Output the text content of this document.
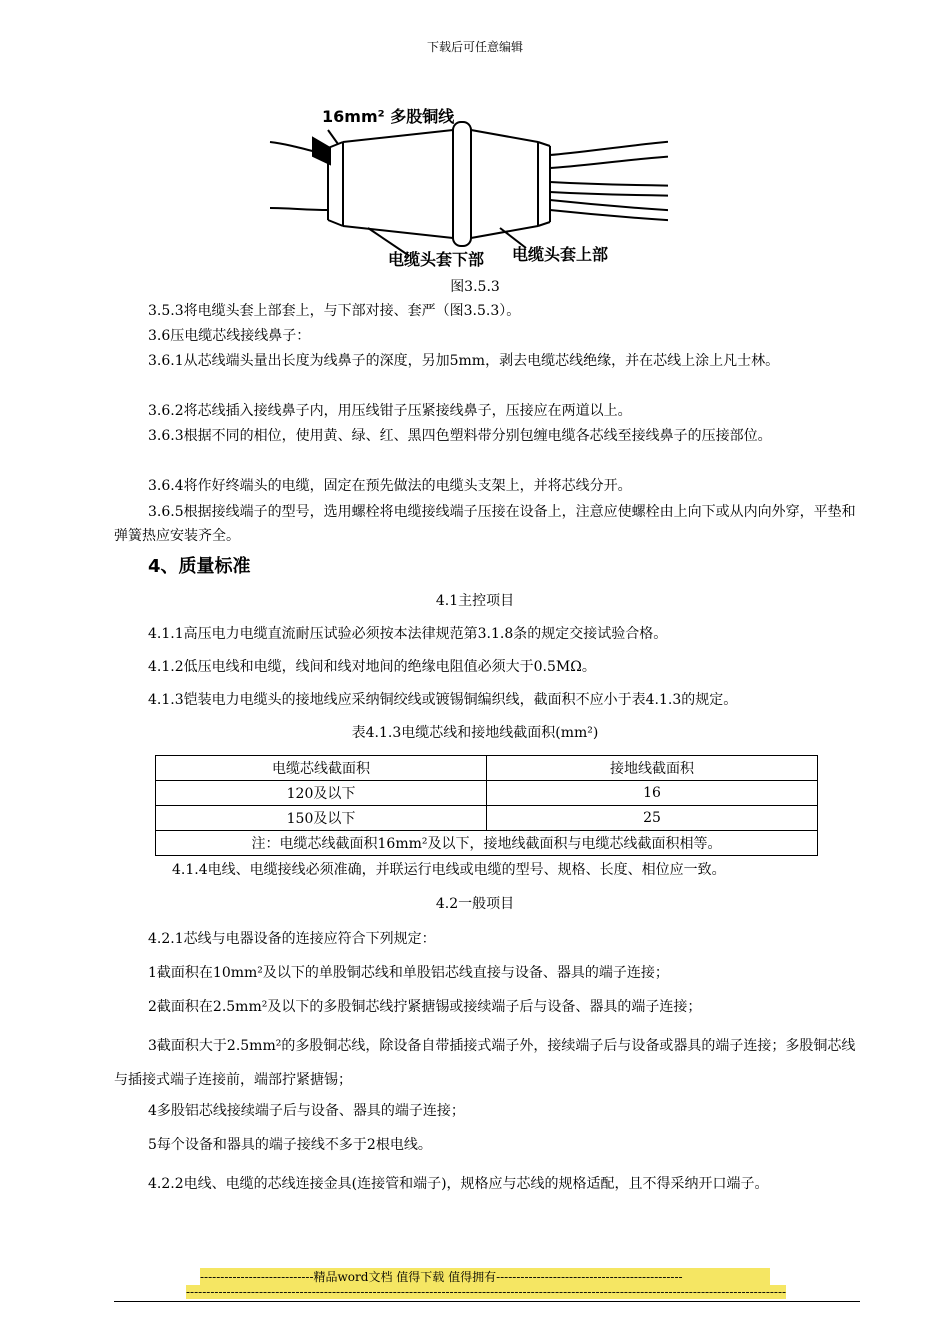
下载后可任意编辑
16mm² 多股铜线
电缆头套下部 电缆头套上部
图3.5.3
3.5.3将电缆头套上部套上，与下部对接、套严（图3.5.3）。
3.6压电缆芯线接线鼻子：
3.6.1从芯线端头量出长度为线鼻子的深度，另加5mm，剥去电缆芯线绝缘，并在芯线上涂上凡士林。
3.6.2将芯线插入接线鼻子内，用压线钳子压紧接线鼻子，压接应在两道以上。
3.6.3根据不同的相位，使用黄、绿、红、黑四色塑料带分别包缠电缆各芯线至接线鼻子的压接部位。
3.6.4将作好终端头的电缆，固定在预先做法的电缆头支架上，并将芯线分开。
3.6.5根据接线端子的型号，选用螺栓将电缆接线端子压接在设备上，注意应使螺栓由上向下或从内向外穿，平垫和弹簧热应安装齐全。
4、质量标准
4.1主控项目
4.1.1高压电力电缆直流耐压试验必须按本法律规范第3.1.8条的规定交接试验合格。
4.1.2低压电线和电缆，线间和线对地间的绝缘电阻值必须大于0.5MΩ。
4.1.3铠装电力电缆头的接地线应采纳铜绞线或镀锡铜编织线，截面积不应小于表4.1.3的规定。
表4.1.3电缆芯线和接地线截面积(mm²)
电缆芯线截面积	接地线截面积
120及以下	16
150及以下	25
注：电缆芯线截面积16mm²及以下，接地线截面积与电缆芯线截面积相等。	
4.1.4电线、电缆接线必须准确，并联运行电线或电缆的型号、规格、长度、相位应一致。
4.2一般项目
4.2.1芯线与电器设备的连接应符合下列规定：
1截面积在10mm²及以下的单股铜芯线和单股铝芯线直接与设备、器具的端子连接；
2截面积在2.5mm²及以下的多股铜芯线拧紧搪锡或接续端子后与设备、器具的端子连接；
3截面积大于2.5mm²的多股铜芯线，除设备自带插接式端子外，接续端子后与设备或器具的端子连接；多股铜芯线与插接式端子连接前，端部拧紧搪锡；
4多股铝芯线接续端子后与设备、器具的端子连接；
5每个设备和器具的端子接线不多于2根电线。
4.2.2电线、电缆的芯线连接金具(连接管和端子)，规格应与芯线的规格适配，且不得采纳开口端子。
----------------------------精品word文档 值得下载 值得拥有----------------------------------------------
----------------------------------------------------------------------------------------------------------------------------------------------------
